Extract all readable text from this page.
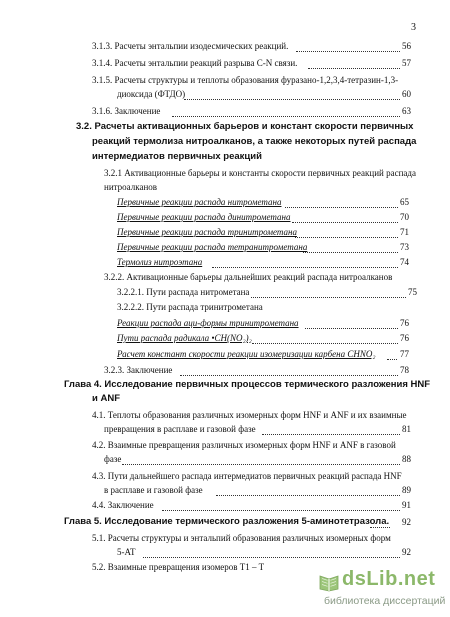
3
3.1.3. Расчеты энтальпии изодесмических реакций.	56
3.1.4. Расчеты энтальпии реакций разрыва C-N связи.	57
3.1.5. Расчеты структуры и теплоты образования фуразано-1,2,3,4-тетразин-1,3-
диоксида (ФТДО)	60
3.1.6. Заключение	63
3.2. Расчеты активационных барьеров и констант скорости первичных
реакций термолиза нитроалканов, а также некоторых путей распада
интермедиатов первичных реакций
3.2.1 Активационные барьеры и константы скорости первичных реакций распада
нитроалканов
Первичные реакции распада нитрометана	65
Первичные реакции распада динитрометана	70
Первичные реакции распада тринитрометана	71
Первичные реакции распада тетранитрометана	73
Термолиз нитроэтана	74
3.2.2. Активационные барьеры дальнейших реакций распада нитроалканов
3.2.2.1. Пути распада нитрометана	75
3.2.2.2. Пути распада тринитрометана
Реакции распада аци-формы тринитрометана	76
Пути распада радикала •CH(NO₂)₂	76
Расчет констант скорости реакции изомеризации карбена CHNO₂	77
3.2.3. Заключение	78
Глава 4. Исследование первичных процессов термического разложения HNF
и ANF
4.1. Теплоты образования различных изомерных форм HNF и ANF и их взаимные
превращения в расплаве и газовой фазе	81
4.2. Взаимные превращения различных изомерных форм HNF и ANF в газовой
фазе	88
4.3. Пути дальнейшего распада интермедиатов первичных реакций распада HNF
в расплаве и газовой фазе	89
4.4. Заключение	91
Глава 5. Исследование термического разложения 5-аминотетразола. 92
5.1. Расчеты структуры и энтальпий образования различных изомерных форм
5-AT	92
5.2. Взаимные превращения изомеров T1 – T
dsLib.net
библиотека диссертаций
